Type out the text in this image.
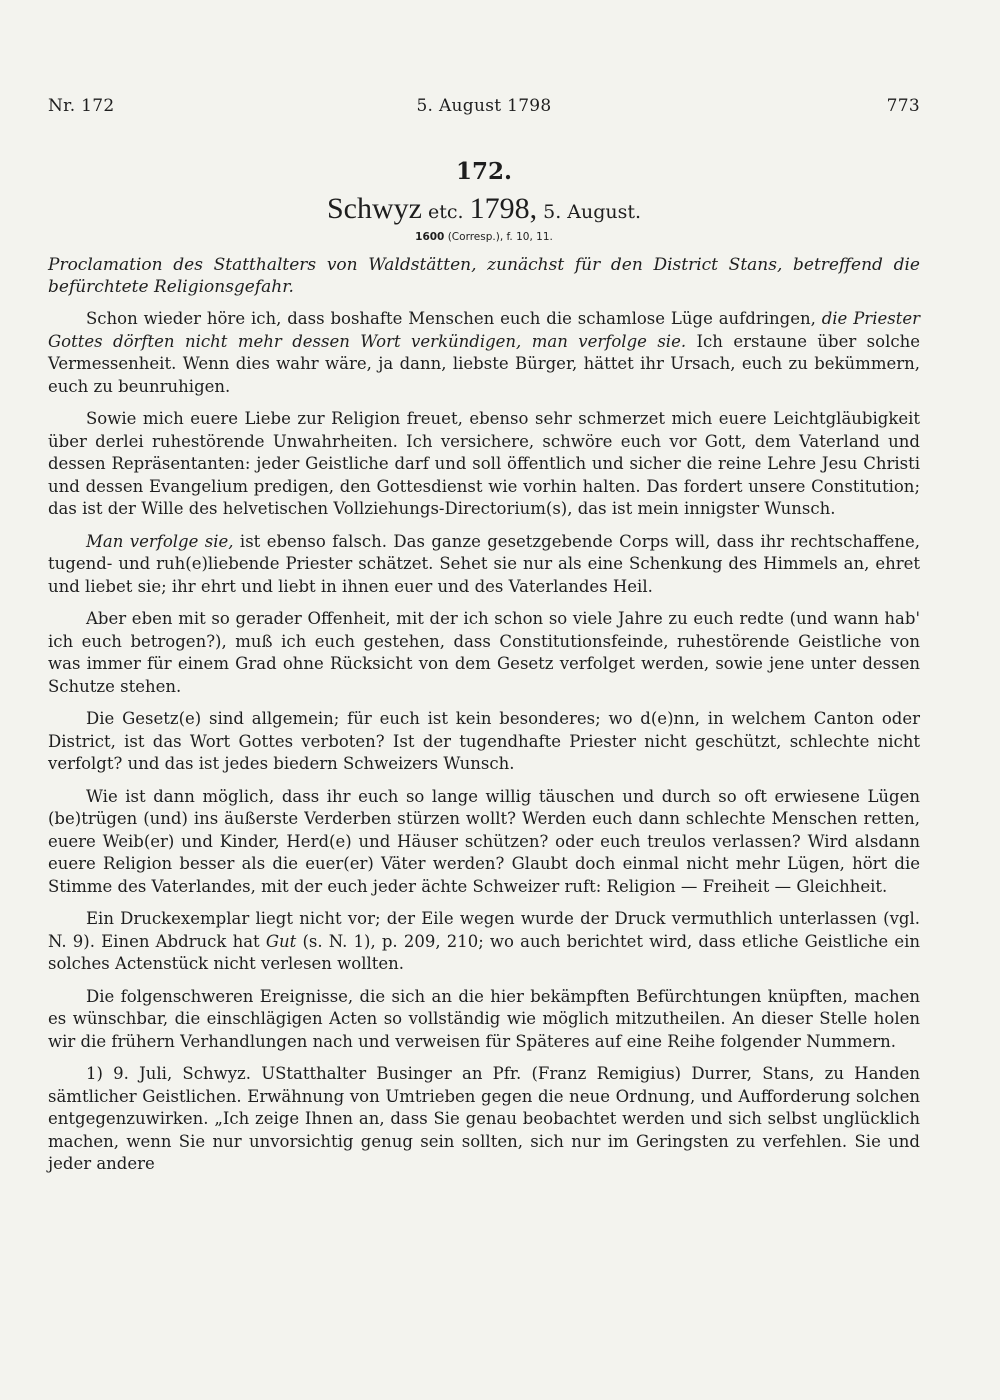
Nr. 172	5. August 1798	773
172.
Schwyz etc. 1798, 5. August.
1600 (Corresp.), f. 10, 11.
Proclamation des Statthalters von Waldstätten, zunächst für den District Stans, betreffend die befürchtete Religionsgefahr.

Schon wieder höre ich, dass boshafte Menschen euch die schamlose Lüge aufdringen, die Priester Gottes dörften nicht mehr dessen Wort verkündigen, man verfolge sie. Ich erstaune über solche Vermessenheit. Wenn dies wahr wäre, ja dann, liebste Bürger, hättet ihr Ursach, euch zu bekümmern, euch zu beunruhigen.

Sowie mich euere Liebe zur Religion freuet, ebenso sehr schmerzet mich euere Leichtgläubigkeit über derlei ruhestörende Unwahrheiten. Ich versichere, schwöre euch vor Gott, dem Vaterland und dessen Repräsentanten: jeder Geistliche darf und soll öffentlich und sicher die reine Lehre Jesu Christi und dessen Evangelium predigen, den Gottesdienst wie vorhin halten. Das fordert unsere Constitution; das ist der Wille des helvetischen Vollziehungs-Directorium(s), das ist mein innigster Wunsch.

Man verfolge sie, ist ebenso falsch. Das ganze gesetzgebende Corps will, dass ihr rechtschaffene, tugend- und ruh(e)liebende Priester schätzet. Sehet sie nur als eine Schenkung des Himmels an, ehret und liebet sie; ihr ehrt und liebt in ihnen euer und des Vaterlandes Heil.

Aber eben mit so gerader Offenheit, mit der ich schon so viele Jahre zu euch redte (und wann hab' ich euch betrogen?), muß ich euch gestehen, dass Constitutionsfeinde, ruhestörende Geistliche von was immer für einem Grad ohne Rücksicht von dem Gesetz verfolget werden, sowie jene unter dessen Schutze stehen.

Die Gesetz(e) sind allgemein; für euch ist kein besonderes; wo d(e)nn, in welchem Canton oder District, ist das Wort Gottes verboten? Ist der tugendhafte Priester nicht geschützt, schlechte nicht verfolgt? und das ist jedes biedern Schweizers Wunsch.

Wie ist dann möglich, dass ihr euch so lange willig täuschen und durch so oft erwiesene Lügen (be)trügen (und) ins äußerste Verderben stürzen wollt? Werden euch dann schlechte Menschen retten, euere Weib(er) und Kinder, Herd(e) und Häuser schützen? oder euch treulos verlassen? Wird alsdann euere Religion besser als die euer(er) Väter werden? Glaubt doch einmal nicht mehr Lügen, hört die Stimme des Vaterlandes, mit der euch jeder ächte Schweizer ruft: Religion — Freiheit — Gleichheit.

Ein Druckexemplar liegt nicht vor; der Eile wegen wurde der Druck vermuthlich unterlassen (vgl. N. 9). Einen Abdruck hat Gut (s. N. 1), p. 209, 210; wo auch berichtet wird, dass etliche Geistliche ein solches Actenstück nicht verlesen wollten.

Die folgenschweren Ereignisse, die sich an die hier bekämpften Befürchtungen knüpften, machen es wünschbar, die einschlägigen Acten so vollständig wie möglich mitzutheilen. An dieser Stelle holen wir die frühern Verhandlungen nach und verweisen für Späteres auf eine Reihe folgender Nummern.

1) 9. Juli, Schwyz. UStatthalter Businger an Pfr. (Franz Remigius) Durrer, Stans, zu Handen sämtlicher Geistlichen. Erwähnung von Umtrieben gegen die neue Ordnung, und Aufforderung solchen entgegenzuwirken. „Ich zeige Ihnen an, dass Sie genau beobachtet werden und sich selbst unglücklich machen, wenn Sie nur unvorsichtig genug sein sollten, sich nur im Geringsten zu verfehlen. Sie und jeder andere
